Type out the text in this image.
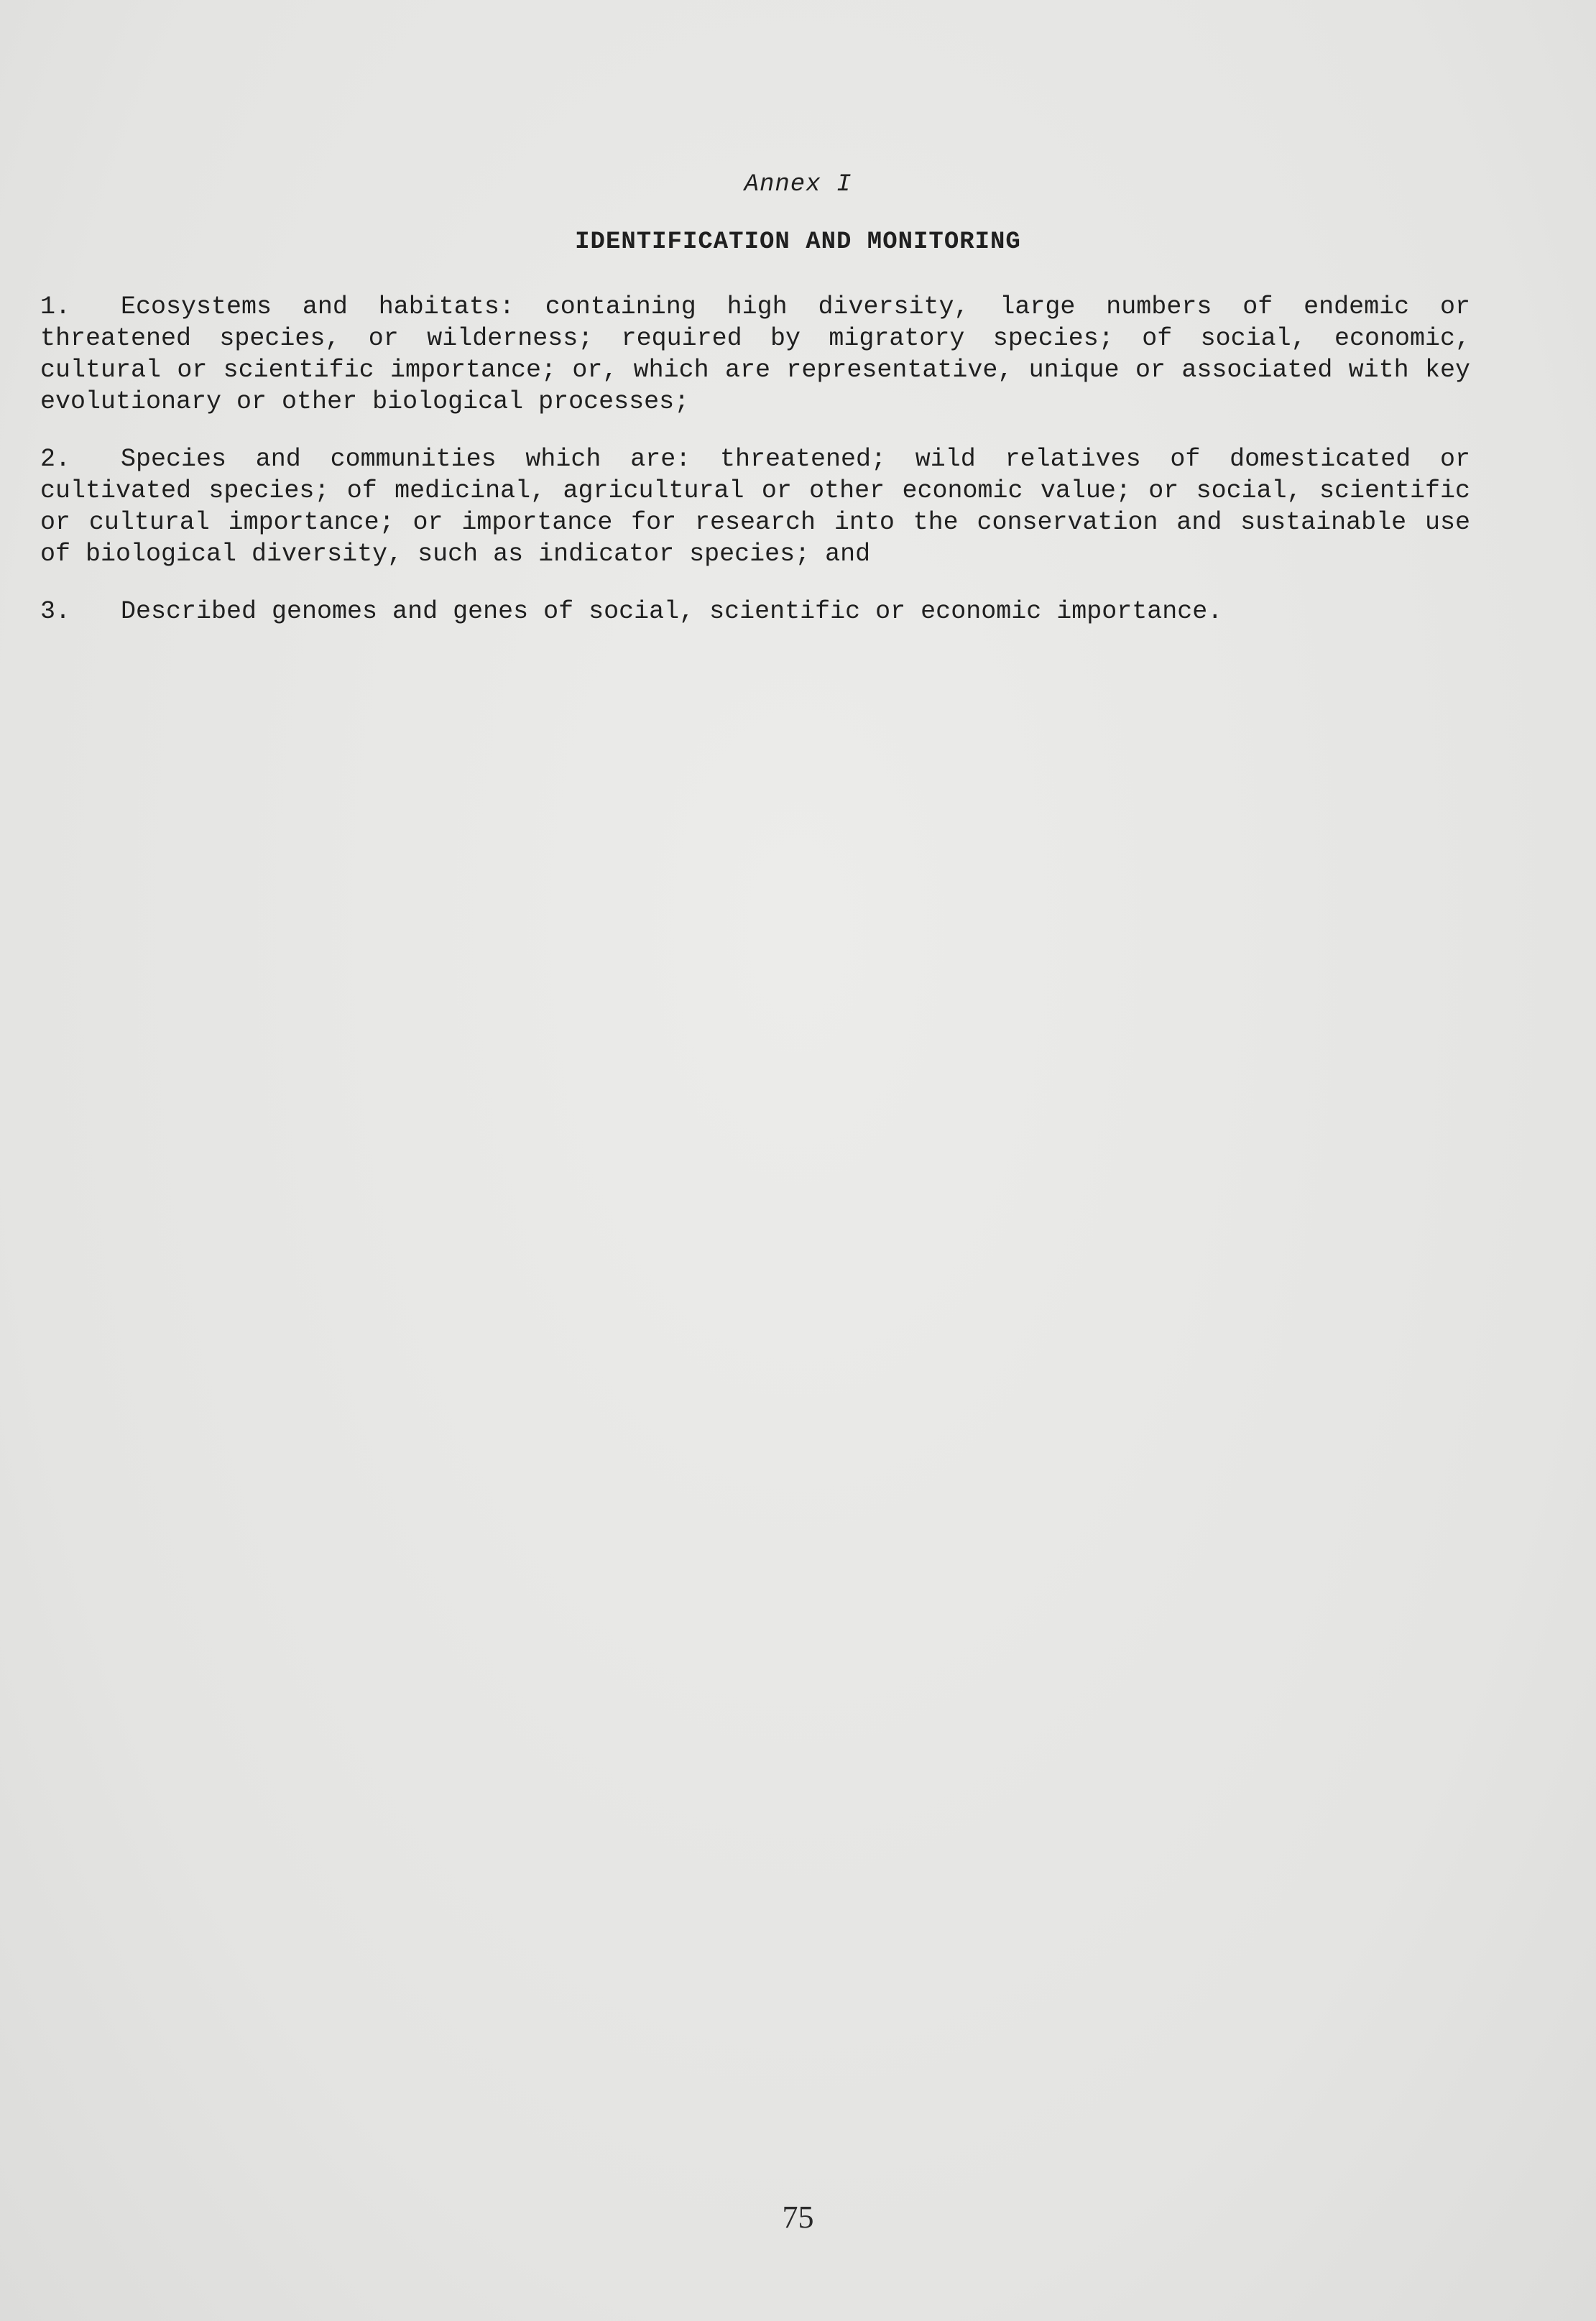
Annex I
IDENTIFICATION AND MONITORING

1. Ecosystems and habitats: containing high diversity, large numbers of endemic or threatened species, or wilderness; required by migratory species; of social, economic, cultural or scientific importance; or, which are representative, unique or associated with key evolutionary or other biological processes;

2. Species and communities which are: threatened; wild relatives of domesticated or cultivated species; of medicinal, agricultural or other economic value; or social, scientific or cultural importance; or importance for research into the conservation and sustainable use of biological diversity, such as indicator species; and

3. Described genomes and genes of social, scientific or economic importance.

75
